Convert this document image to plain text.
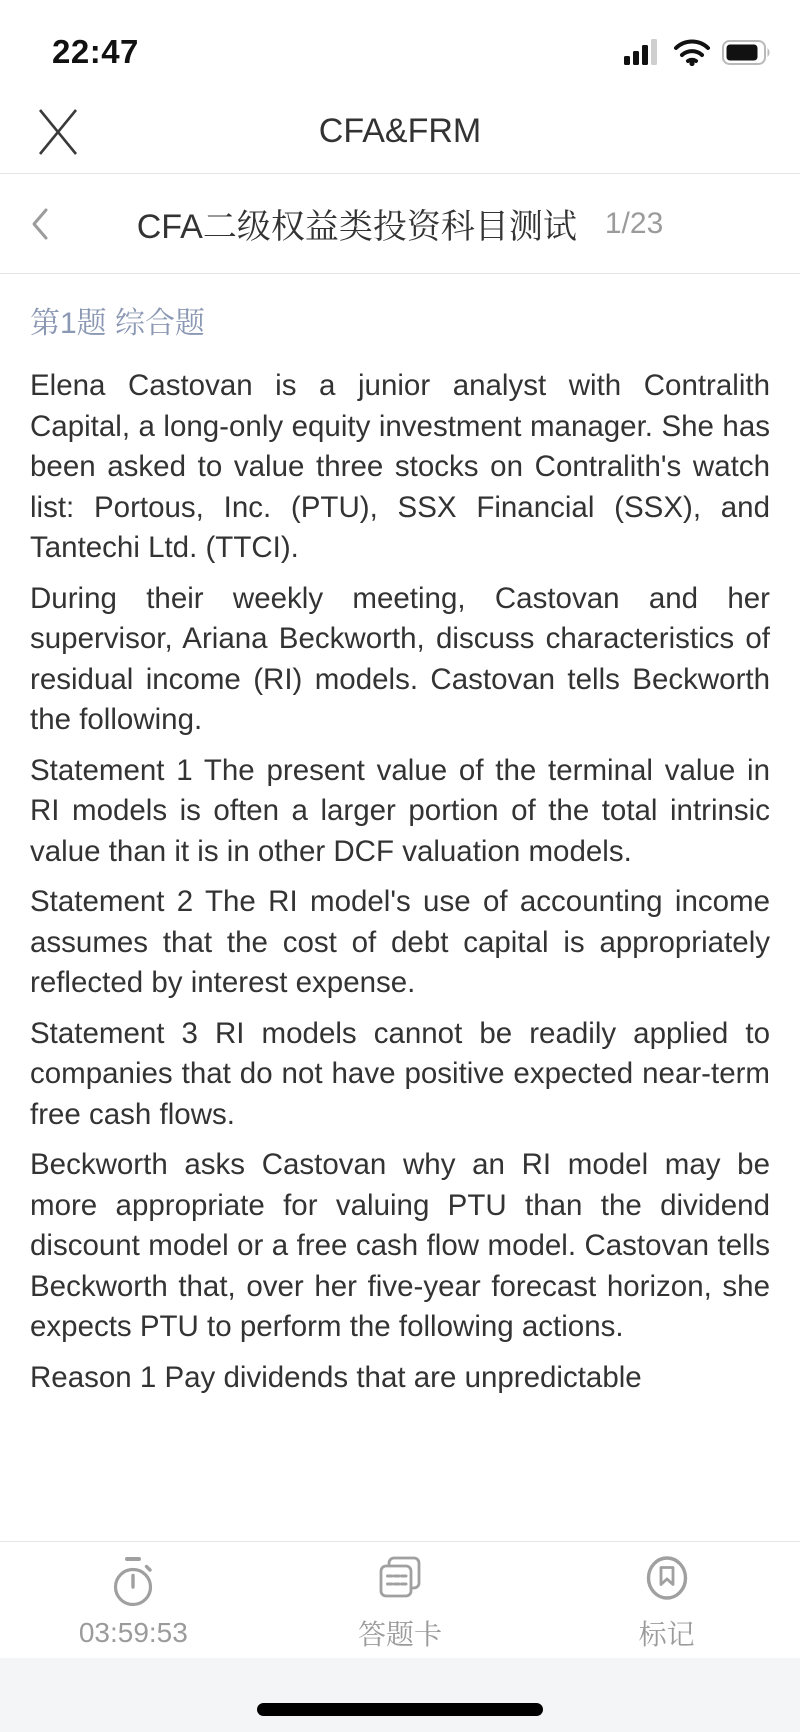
22:47
CFA&FRM
CFA二级权益类投资科目测试 1/23
第1题 综合题

Elena Castovan is a junior analyst with Contralith Capital, a long-only equity investment manager. She has been asked to value three stocks on Contralith's watch list: Portous, Inc. (PTU), SSX Financial (SSX), and Tantechi Ltd. (TTCI).

During their weekly meeting, Castovan and her supervisor, Ariana Beckworth, discuss characteristics of residual income (RI) models. Castovan tells Beckworth the following.

Statement 1 The present value of the terminal value in RI models is often a larger portion of the total intrinsic value than it is in other DCF valuation models.

Statement 2 The RI model's use of accounting income assumes that the cost of debt capital is appropriately reflected by interest expense.

Statement 3 RI models cannot be readily applied to companies that do not have positive expected near-term free cash flows.

Beckworth asks Castovan why an RI model may be more appropriate for valuing PTU than the dividend discount model or a free cash flow model. Castovan tells Beckworth that, over her five-year forecast horizon, she expects PTU to perform the following actions.

Reason 1 Pay dividends that are unpredictable

03:59:53	答题卡	标记
